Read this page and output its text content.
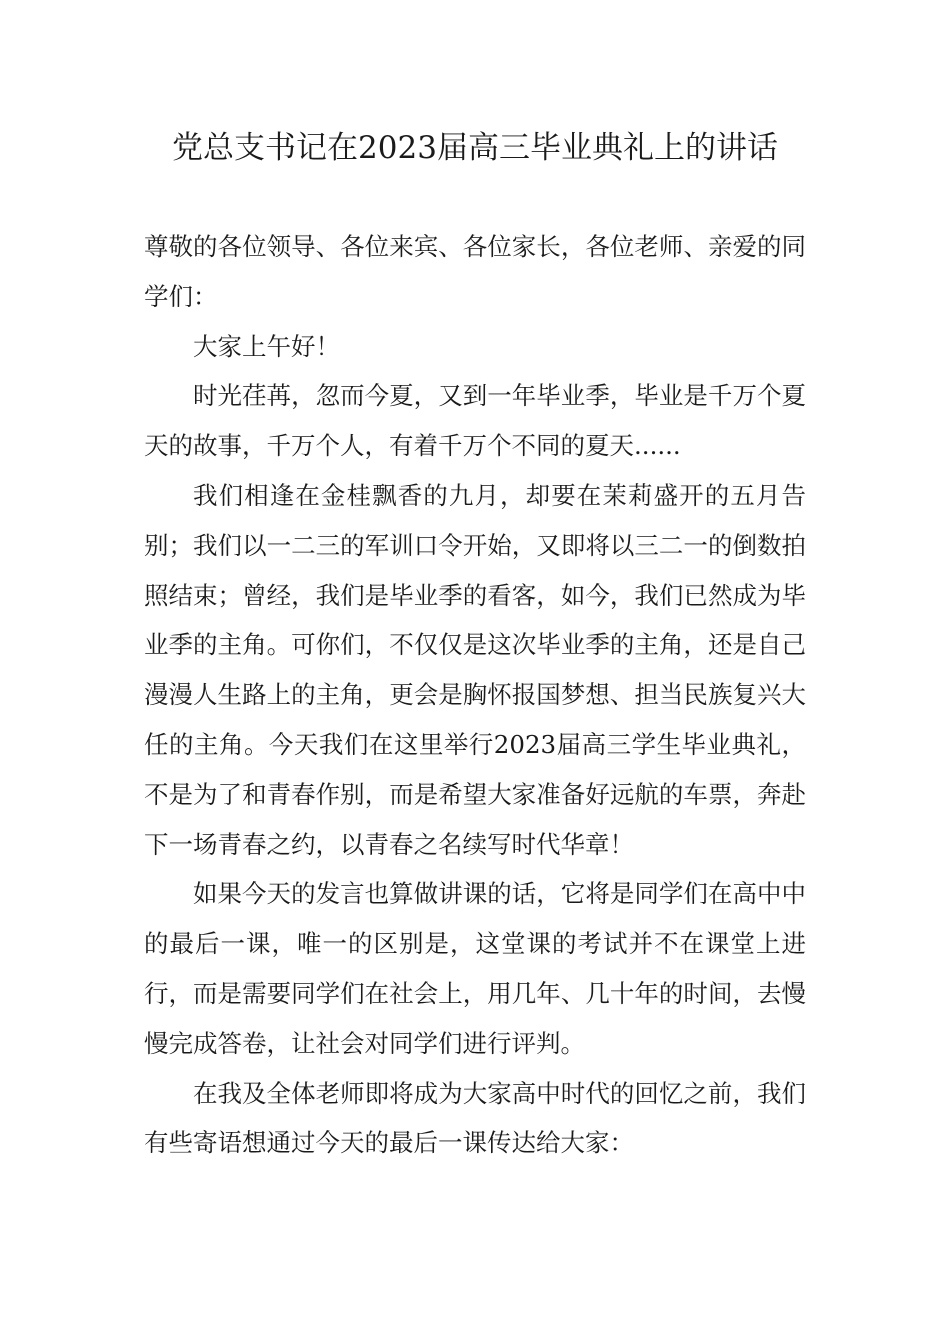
党总支书记在2023届高三毕业典礼上的讲话

尊敬的各位领导、各位来宾、各位家长，各位老师、亲爱的同学们：

大家上午好！

时光荏苒，忽而今夏，又到一年毕业季，毕业是千万个夏天的故事，千万个人，有着千万个不同的夏天......

我们相逢在金桂飘香的九月，却要在茉莉盛开的五月告别；我们以一二三的军训口令开始，又即将以三二一的倒数拍照结束；曾经，我们是毕业季的看客，如今，我们已然成为毕业季的主角。可你们，不仅仅是这次毕业季的主角，还是自己漫漫人生路上的主角，更会是胸怀报国梦想、担当民族复兴大任的主角。今天我们在这里举行2023届高三学生毕业典礼，不是为了和青春作别，而是希望大家准备好远航的车票，奔赴下一场青春之约，以青春之名续写时代华章！

如果今天的发言也算做讲课的话，它将是同学们在高中中的最后一课，唯一的区别是，这堂课的考试并不在课堂上进行，而是需要同学们在社会上，用几年、几十年的时间，去慢慢完成答卷，让社会对同学们进行评判。

在我及全体老师即将成为大家高中时代的回忆之前，我们有些寄语想通过今天的最后一课传达给大家：
